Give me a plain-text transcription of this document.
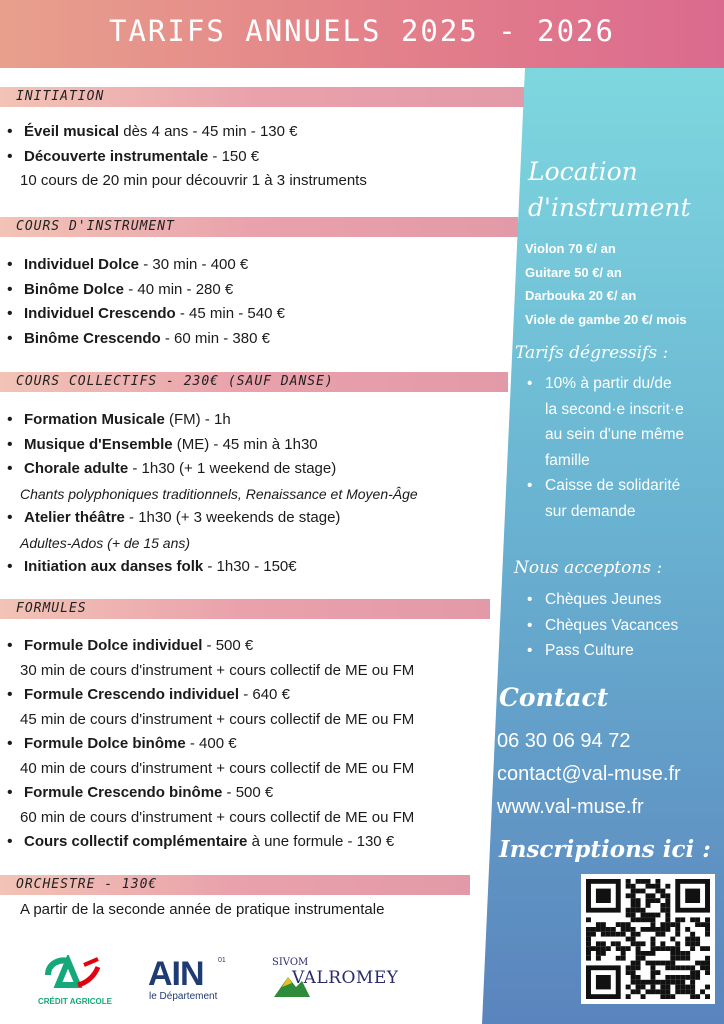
TARIFS ANNUELS 2025 - 2026
INITIATION
• Éveil musical dès 4 ans - 45 min - 130 €
• Découverte instrumentale - 150 €
10 cours de 20 min pour découvrir 1 à 3 instruments
COURS D'INSTRUMENT
• Individuel Dolce - 30 min - 400 €
• Binôme Dolce - 40 min - 280 €
• Individuel Crescendo - 45 min - 540 €
• Binôme Crescendo - 60 min - 380 €
COURS COLLECTIFS - 230€ (SAUF DANSE)
• Formation Musicale (FM) - 1h
• Musique d'Ensemble (ME) - 45 min à 1h30
• Chorale adulte - 1h30 (+ 1 weekend de stage)
Chants polyphoniques traditionnels, Renaissance et Moyen-Âge
• Atelier théâtre - 1h30 (+ 3 weekends de stage)
Adultes-Ados (+ de 15 ans)
• Initiation aux danses folk - 1h30 - 150€
FORMULES
• Formule Dolce individuel - 500 €
30 min de cours d'instrument + cours collectif de ME ou FM
• Formule Crescendo individuel - 640 €
45 min de cours d'instrument + cours collectif de ME ou FM
• Formule Dolce binôme - 400 €
40 min de cours d'instrument + cours collectif de ME ou FM
• Formule Crescendo binôme - 500 €
60 min de cours d'instrument + cours collectif de ME ou FM
• Cours collectif complémentaire à une formule - 130 €
ORCHESTRE - 130€
A partir de la seconde année de pratique instrumentale
Location
d'instrument
Violon 70 €/ an
Guitare 50 €/ an
Darbouka 20 €/ an
Viole de gambe 20 €/ mois
Tarifs dégressifs :
• 10% à partir du/de
la second·e inscrit·e
au sein d'une même
famille
• Caisse de solidarité
sur demande
Nous acceptons :
• Chèques Jeunes
• Chèques Vacances
• Pass Culture
Contact
06 30 06 94 72
contact@val-muse.fr
www.val-muse.fr
Inscriptions ici :
CRÉDIT AGRICOLE
AIN 01
le Département
SIVOM
VALROMEY
